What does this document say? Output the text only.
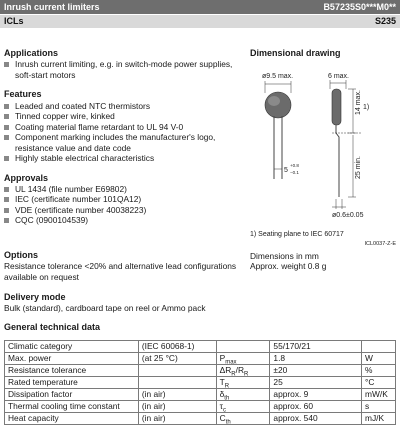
Inrush current limiters	B57235S0***M0**
ICLs	S235
Applications
Inrush current limiting, e.g. in switch-mode power supplies, soft-start motors
Features
Leaded and coated NTC thermistors
Tinned copper wire, kinked
Coating material flame retardant to UL 94 V-0
Component marking includes the manufacturer's logo, resistance value and date code
Highly stable electrical characteristics
Approvals
UL 1434 (file number E69802)
IEC (certificate number 101QA12)
VDE (certificate number 40038223)
CQC (0900104539)
Options

Resistance tolerance <20% and alternative lead configurations available on request

Delivery mode

Bulk (standard), cardboard tape on reel or Ammo pack

General technical data
Dimensional drawing
ø9.5 max.	6 max.
14 max. 1)
25 min.
5
+0.8
−0.1
ø0.6±0.05

1) Seating plane to IEC 60717

ICL0037-Z-E

Dimensions in mm

Approx. weight 0.8 g

Climatic category	(IEC 60068-1)		55/170/21	
Max. power	(at 25 °C)	$P_{max}$	1.8	W
Resistance tolerance		$\Delta R_R/R_R$	±20	%
Rated temperature		$T_R$	25	°C
Dissipation factor	(in air)	$\delta_{th}$	approx. 9	mW/K
Thermal cooling time constant	(in air)	$\tau_c$	approx. 60	s
Heat capacity	(in air)	$C_{th}$	approx. 540	mJ/K
